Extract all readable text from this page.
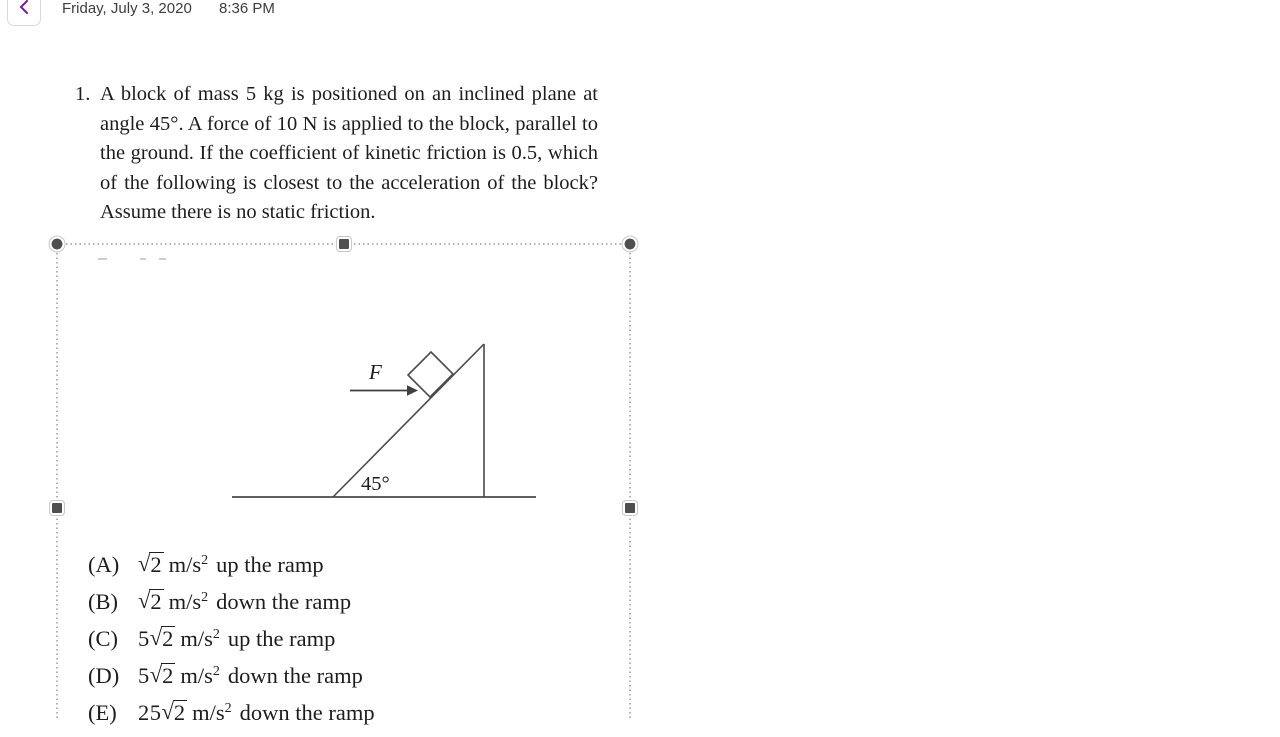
Friday, July 3, 2020 8:36 PM
1. A block of mass 5 kg is positioned on an inclined plane at
angle 45°. A force of 10 N is applied to the block, parallel to
the ground. If the coefficient of kinetic friction is 0.5, which
of the following is closest to the acceleration of the block?
Assume there is no static friction.
F
45°
(A) √2 $m/s^2$ up the ramp
(B) √2 $m/s^2$ down the ramp
(C) 5√2 $m/s^2$ up the ramp
(D) 5√2 $m/s^2$ down the ramp
(E) 25√2 $m/s^2$ down the ramp
